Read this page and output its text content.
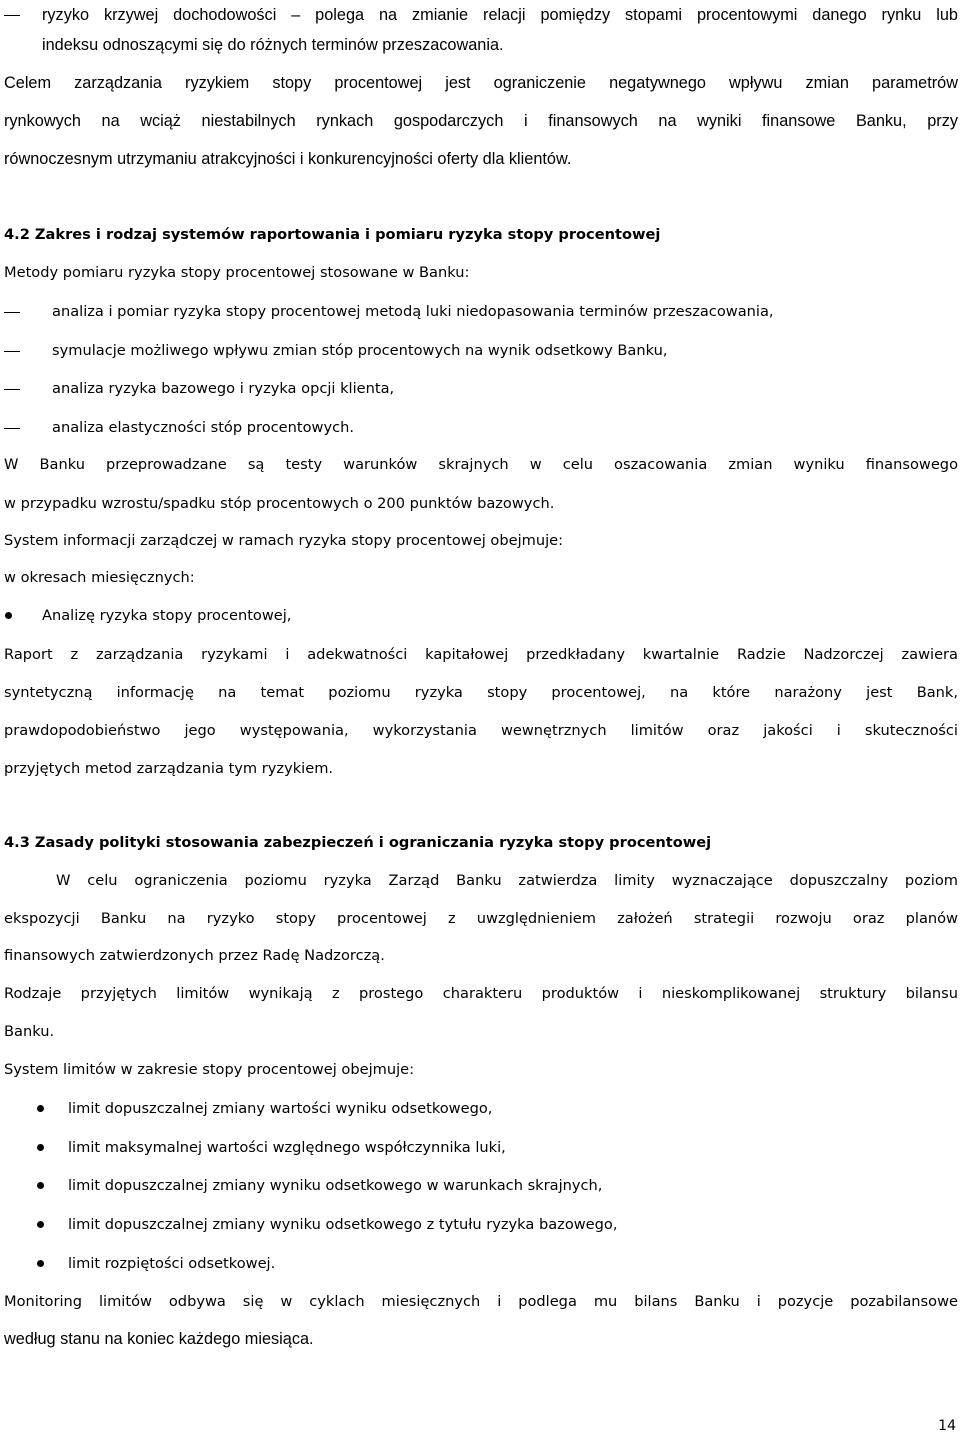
ryzyko krzywej dochodowości – polega na zmianie relacji pomiędzy stopami procentowymi danego rynku lub
indeksu odnoszącymi się do różnych terminów przeszacowania.
Celem zarządzania ryzykiem stopy procentowej jest ograniczenie negatywnego wpływu zmian parametrów
rynkowych na wciąż niestabilnych rynkach gospodarczych i finansowych na wyniki finansowe Banku, przy
równoczesnym utrzymaniu atrakcyjności i konkurencyjności oferty dla klientów.
4.2 Zakres i rodzaj systemów raportowania i pomiaru ryzyka stopy procentowej
Metody pomiaru ryzyka stopy procentowej stosowane w Banku:
analiza i pomiar ryzyka stopy procentowej metodą luki niedopasowania terminów przeszacowania,
symulacje możliwego wpływu zmian stóp procentowych na wynik odsetkowy Banku,
analiza ryzyka bazowego i ryzyka opcji klienta,
analiza elastyczności stóp procentowych.
W Banku przeprowadzane są testy warunków skrajnych w celu oszacowania zmian wyniku finansowego
w przypadku wzrostu/spadku stóp procentowych o 200 punktów bazowych.
System informacji zarządczej w ramach ryzyka stopy procentowej obejmuje:
w okresach miesięcznych:
Analizę ryzyka stopy procentowej,
Raport z zarządzania ryzykami i adekwatności kapitałowej przedkładany kwartalnie Radzie Nadzorczej zawiera
syntetyczną informację na temat poziomu ryzyka stopy procentowej, na które narażony jest Bank,
prawdopodobieństwo jego występowania, wykorzystania wewnętrznych limitów oraz jakości i skuteczności
przyjętych metod zarządzania tym ryzykiem.
4.3 Zasady polityki stosowania zabezpieczeń i ograniczania ryzyka stopy procentowej
W celu ograniczenia poziomu ryzyka Zarząd Banku zatwierdza limity wyznaczające dopuszczalny poziom
ekspozycji Banku na ryzyko stopy procentowej z uwzględnieniem założeń strategii rozwoju oraz planów
finansowych zatwierdzonych przez Radę Nadzorczą.
Rodzaje przyjętych limitów wynikają z prostego charakteru produktów i nieskomplikowanej struktury bilansu
Banku.
System limitów w zakresie stopy procentowej obejmuje:
limit dopuszczalnej zmiany wartości wyniku odsetkowego,
limit maksymalnej wartości względnego współczynnika luki,
limit dopuszczalnej zmiany wyniku odsetkowego w warunkach skrajnych,
limit dopuszczalnej zmiany wyniku odsetkowego z tytułu ryzyka bazowego,
limit rozpiętości odsetkowej.
Monitoring limitów odbywa się w cyklach miesięcznych i podlega mu bilans Banku i pozycje pozabilansowe
według stanu na koniec każdego miesiąca.
14
